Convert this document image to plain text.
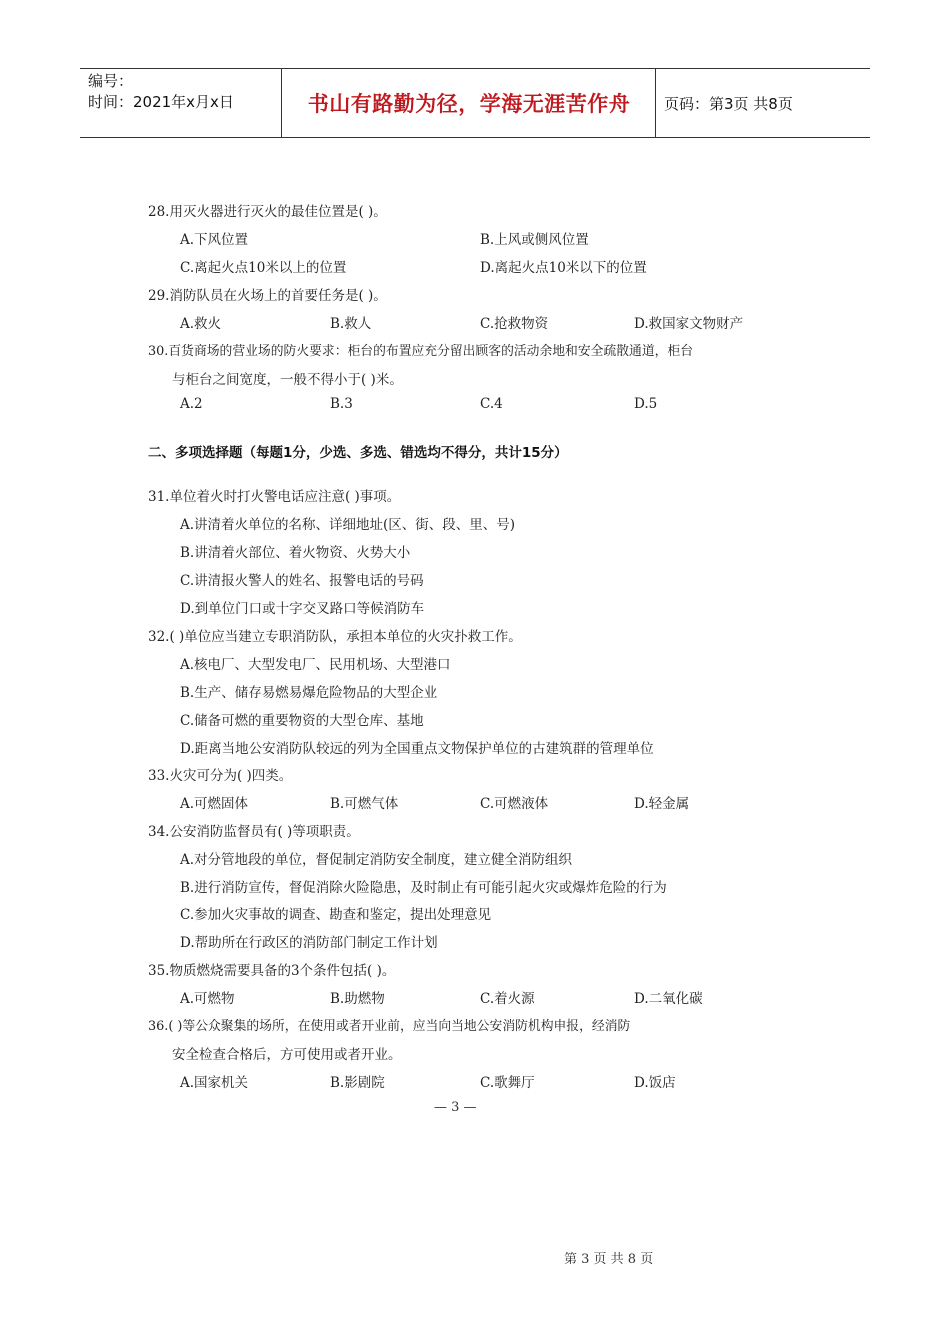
编号：
时间：2021年x月x日	书山有路勤为径，学海无涯苦作舟	页码：第3页 共8页
28.用灭火器进行灭火的最佳位置是( )。
A.下风位置	B.上风或侧风位置
C.离起火点10米以上的位置	D.离起火点10米以下的位置
29.消防队员在火场上的首要任务是( )。
A.救火	B.救人	C.抢救物资	D.救国家文物财产
30.百货商场的营业场的防火要求：柜台的布置应充分留出顾客的活动余地和安全疏散通道，柜台
与柜台之间宽度，一般不得小于( )米。
A.2	B.3	C.4	D.5
二、多项选择题（每题1分，少选、多选、错选均不得分，共计15分）
31.单位着火时打火警电话应注意( )事项。
A.讲清着火单位的名称、详细地址(区、街、段、里、号)
B.讲清着火部位、着火物资、火势大小
C.讲清报火警人的姓名、报警电话的号码
D.到单位门口或十字交叉路口等候消防车
32.( )单位应当建立专职消防队，承担本单位的火灾扑救工作。
A.核电厂、大型发电厂、民用机场、大型港口
B.生产、储存易燃易爆危险物品的大型企业
C.储备可燃的重要物资的大型仓库、基地
D.距离当地公安消防队较远的列为全国重点文物保护单位的古建筑群的管理单位
33.火灾可分为( )四类。
A.可燃固体	B.可燃气体	C.可燃液体	D.轻金属
34.公安消防监督员有( )等项职责。
A.对分管地段的单位，督促制定消防安全制度，建立健全消防组织
B.进行消防宣传，督促消除火险隐患，及时制止有可能引起火灾或爆炸危险的行为
C.参加火灾事故的调查、勘查和鉴定，提出处理意见
D.帮助所在行政区的消防部门制定工作计划
35.物质燃烧需要具备的3个条件包括( )。
A.可燃物	B.助燃物	C.着火源	D.二氧化碳
36.( )等公众聚集的场所，在使用或者开业前，应当向当地公安消防机构申报，经消防
安全检查合格后，方可使用或者开业。
A.国家机关	B.影剧院	C.歌舞厅	D.饭店
— 3 —
第 3 页 共 8 页
